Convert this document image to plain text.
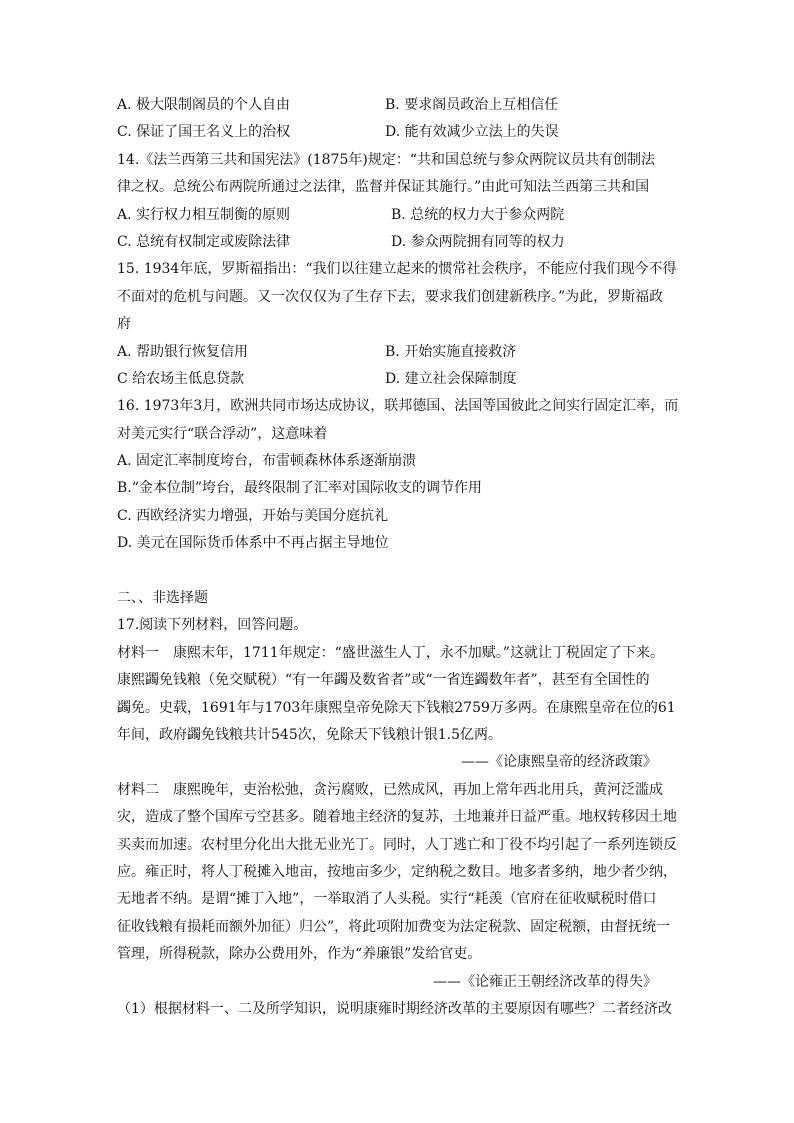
A. 极大限制阁员的个人自由	B. 要求阁员政治上互相信任
C. 保证了国王名义上的治权	D. 能有效减少立法上的失误
14.《法兰西第三共和国宪法》(1875年)规定：“共和国总统与参众两院议员共有创制法
律之权。总统公布两院所通过之法律，监督并保证其施行。”由此可知法兰西第三共和国
A. 实行权力相互制衡的原则	B. 总统的权力大于参众两院
C. 总统有权制定或废除法律	D. 参众两院拥有同等的权力
15. 1934年底，罗斯福指出：“我们以往建立起来的惯常社会秩序，不能应付我们现今不得
不面对的危机与问题。又一次仅仅为了生存下去，要求我们创建新秩序。”为此，罗斯福政
府
A. 帮助银行恢复信用	B. 开始实施直接救济
C 给农场主低息贷款	D. 建立社会保障制度
16. 1973年3月，欧洲共同市场达成协议，联邦德国、法国等国彼此之间实行固定汇率，而
对美元实行“联合浮动”，这意味着
A. 固定汇率制度垮台，布雷顿森林体系逐渐崩溃
B.“金本位制”垮台，最终限制了汇率对国际收支的调节作用
C. 西欧经济实力增强，开始与美国分庭抗礼
D. 美元在国际货币体系中不再占据主导地位
二、、非选择题
17.阅读下列材料，回答问题。
材料一 康熙末年，1711年规定：“盛世滋生人丁，永不加赋。”这就让丁税固定了下来。
康熙蠲免钱粮（免交赋税）“有一年蠲及数省者”或“一省连蠲数年者”，甚至有全国性的
蠲免。史载，1691年与1703年康熙皇帝免除天下钱粮2759万多两。在康熙皇帝在位的61
年间，政府蠲免钱粮共计545次，免除天下钱粮计银1.5亿两。
——《论康熙皇帝的经济政策》
材料二 康熙晚年，吏治松弛，贪污腐败，已然成风，再加上常年西北用兵，黄河泛滥成
灾，造成了整个国库亏空甚多。随着地主经济的复苏，土地兼并日益严重。地权转移因土地
买卖而加速。农村里分化出大批无业光丁。同时，人丁逃亡和丁役不均引起了一系列连锁反
应。雍正时，将人丁税摊入地亩，按地亩多少，定纳税之数目。地多者多纳，地少者少纳，
无地者不纳。是谓“摊丁入地”，一举取消了人头税。实行“耗羡（官府在征收赋税时借口
征收钱粮有损耗而额外加征）归公”，将此项附加费变为法定税款、固定税额，由督抚统一
管理，所得税款，除办公费用外，作为“养廉银”发给官吏。
——《论雍正王朝经济改革的得失》
（1）根据材料一、二及所学知识，说明康雍时期经济改革的主要原因有哪些？二者经济改
